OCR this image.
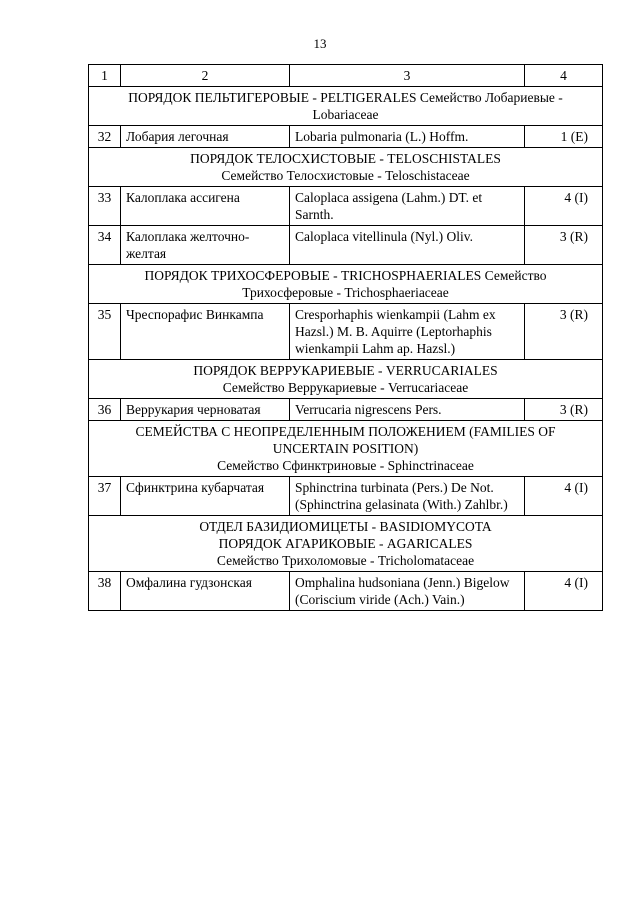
13
1	2	3	4

ПОРЯДОК ПЕЛЬТИГЕРОВЫЕ - PELTIGERALES Семейство Лобариевые -
Lobariaceae			

32	Лобария легочная	Lobaria pulmonaria (L.) Hoffm.	1 (E)

ПОРЯДОК ТЕЛОСХИСТОВЫЕ - TELOSCHISTALES
Семейство Телосхистовые - Teloschistaceae			

33	Калоплака ассигена	Caloplaca assigena (Lahm.) DT. et Sarnth.	4 (I)
34	Калоплака желточно-желтая	Caloplaca vitellinula (Nyl.) Oliv.	3 (R)

ПОРЯДОК ТРИХОСФЕРОВЫЕ - TRICHOSPHAERIALES Семейство
Трихосферовые - Trichosphaeriaceae			

35	Чреспорафис Винкампа	Cresporhaphis wienkampii (Lahm ex Hazsl.) M. B. Aquirre (Leptorhaphis wienkampii Lahm ap. Hazsl.)	3 (R)

ПОРЯДОК ВЕРРУКАРИЕВЫЕ - VERRUCARIALES
Семейство Веррукариевые - Verrucariaceae			

36	Веррукария черноватая	Verrucaria nigrescens Pers.	3 (R)

СЕМЕЙСТВА С НЕОПРЕДЕЛЕННЫМ ПОЛОЖЕНИЕМ (FAMILIES OF
UNCERTAIN POSITION)
Семейство Сфинктриновые - Sphinctrinaceae			

37	Сфинктрина кубарчатая	Sphinctrina turbinata (Pers.) De Not. (Sphinctrina gelasinata (With.) Zahlbr.)	4 (I)

ОТДЕЛ БАЗИДИОМИЦЕТЫ - BASIDIOMYCOTA
ПОРЯДОК АГАРИКОВЫЕ - AGARICALES
Семейство Трихоломовые - Tricholomataceae			

38	Омфалина гудзонская	Omphalina hudsoniana (Jenn.) Bigelow (Coriscium viride (Ach.) Vain.)	4 (I)
